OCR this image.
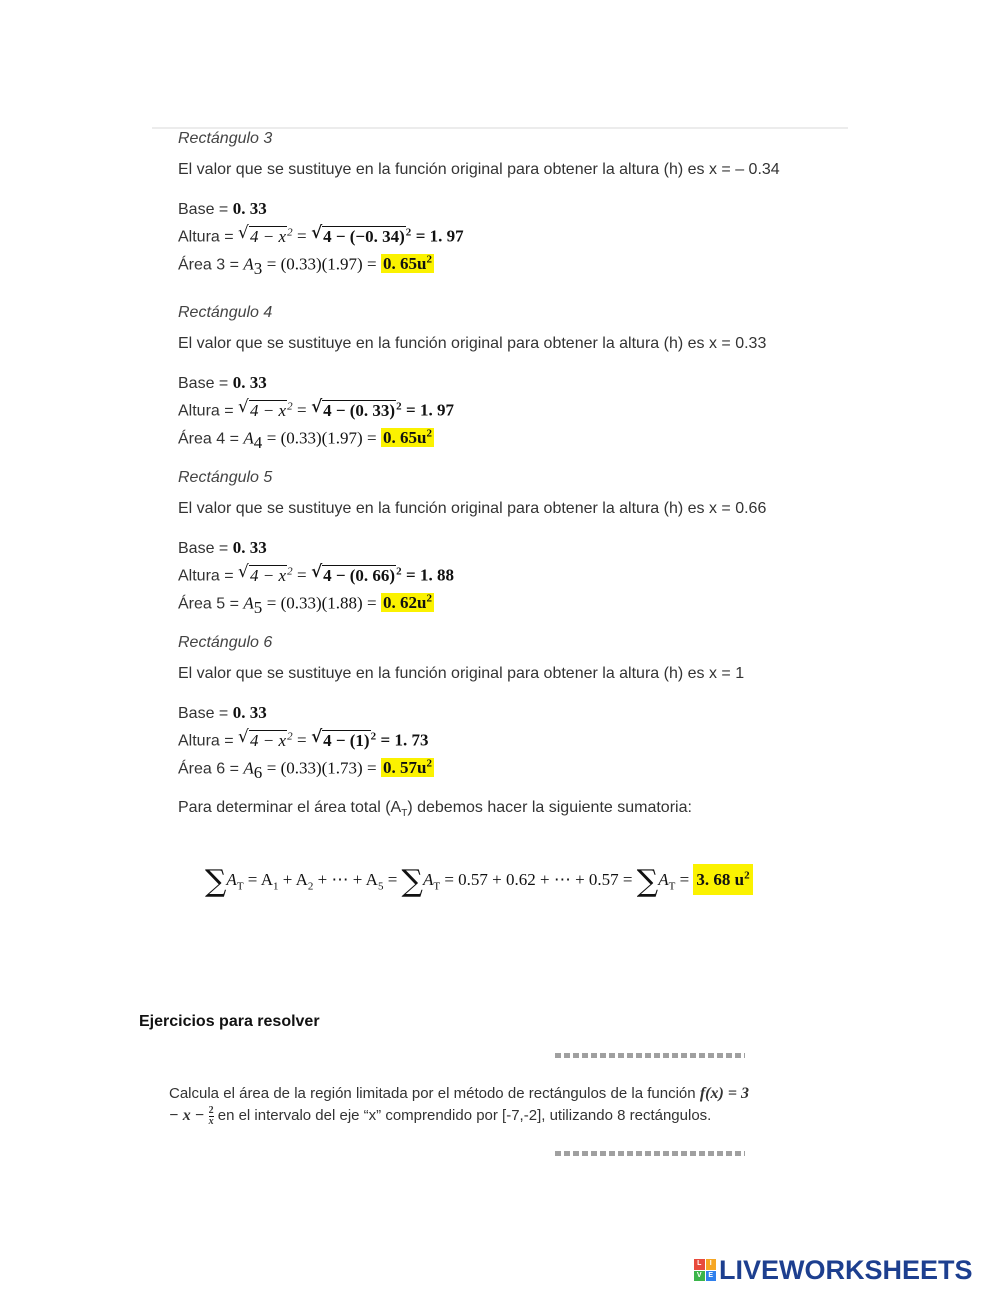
Rectángulo 3
El valor que se sustituye en la función original para obtener la altura (h) es x = – 0.34
Base = 0. 33
Altura = √ $4 - x^2$ = √ 4 − (−0. 34)$^2$ = 1. 97
Área $3 = A_3 = (0.33)(1.97) = 0$. $65u^2$
Rectángulo 4
El valor que se sustituye en la función original para obtener la altura (h) es x = 0.33
Base = 0. 33
Altura = √ $4 - x^2$ = √ 4 − (0. 33)$^2$ = 1. 97
Área $4 = A_4 = (0.33)(1.97) = 0$. $65u^2$
Rectángulo 5
El valor que se sustituye en la función original para obtener la altura (h) es x = 0.66
Base = 0. 33
Altura = √ $4 - x^2$ = √ 4 − (0. 66)$^2$ = 1. 88
Área $5 = A_5 = (0.33)(1.88) = 0$. $62u^2$
Rectángulo 6
El valor que se sustituye en la función original para obtener la altura (h) es x = 1
Base = 0. 33
Altura = √ $4 - x^2$ = √ $4 - (1)^2 = 1$. 73
Área $6 = A_6 = (0.33)(1.73) = 0$. $57u^2$
Para determinar el área total $(A_T)$ debemos hacer la siguiente sumatoria:
$\sum A_T = A_1 + A_2$ + ⋯ + $A_5 = \sum A_T = 0.57 + 0.62$ + ⋯ + $0.57 = \sum A_T = 3$. 68 $u^2$
Ejercicios para resolver
Calcula el área de la región limitada por el método de rectángulos de la función $f(x) = 3 - x - \frac{2}{x}$ en el intervalo del eje “x” comprendido por [-7,-2], utilizando 8 rectángulos.
L	I
V E LIVEWORKSHEETS
